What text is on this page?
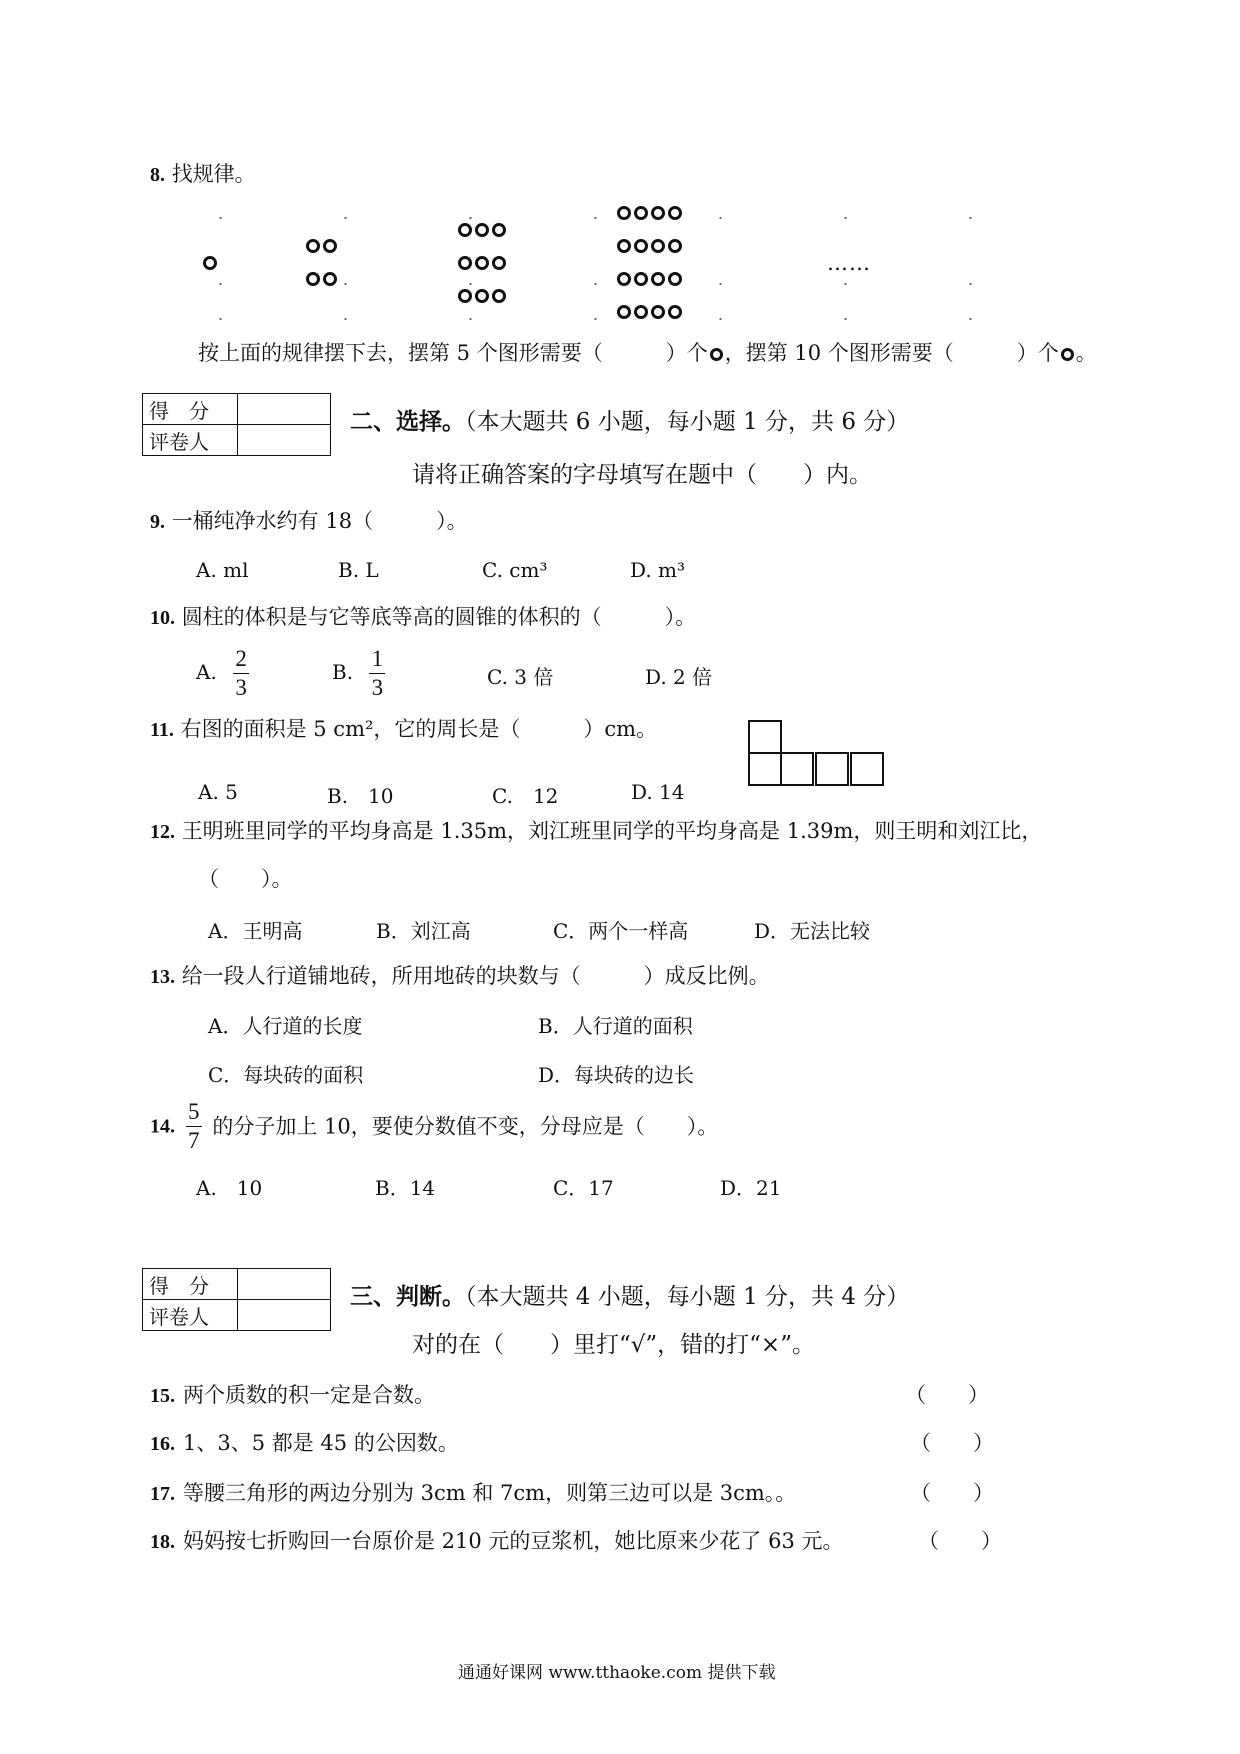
8. 找规律。
……
按上面的规律摆下去，摆第 5 个图形需要（　　　）个 ，摆第 10 个图形需要（　　　）个 。
得　分	
评卷人	
二、选择。（本大题共 6 小题，每小题 1 分，共 6 分）
请将正确答案的字母填写在题中（　　）内。
9. 一桶纯净水约有 18（　　　）。
A. ml	B. L	C. cm³	D. m³
10. 圆柱的体积是与它等底等高的圆锥的体积的（　　　）。
A. $\frac{2}{3}$	B. $\frac{1}{3}$	C. 3 倍	D. 2 倍
11. 右图的面积是 5 cm²，它的周长是（　　　）cm。
A. 5	B.　10	C.　12	D. 14
12. 王明班里同学的平均身高是 1.35m，刘江班里同学的平均身高是 1.39m，则王明和刘江比，
（　　）。
A．王明高	B．刘江高	C．两个一样高	D．无法比较
13. 给一段人行道铺地砖，所用地砖的块数与（　　　）成反比例。
A．人行道的长度	B．人行道的面积
C．每块砖的面积	D．每块砖的边长
14. $\frac{5}{7}$ 的分子加上 10，要使分数值不变，分母应是（　　）。
A.　10	B．14	C．17	D．21
得　分	
评卷人	
三、判断。（本大题共 4 小题，每小题 1 分，共 4 分）
对的在（　　）里打“√”，错的打“×”。
15. 两个质数的积一定是合数。	（　　）
16. 1、3、5 都是 45 的公因数。	（　　）
17. 等腰三角形的两边分别为 3cm 和 7cm，则第三边可以是 3cm。。	（　　）
18. 妈妈按七折购回一台原价是 210 元的豆浆机，她比原来少花了 63 元。	（　　）
通通好课网 www.tthaoke.com 提供下载
